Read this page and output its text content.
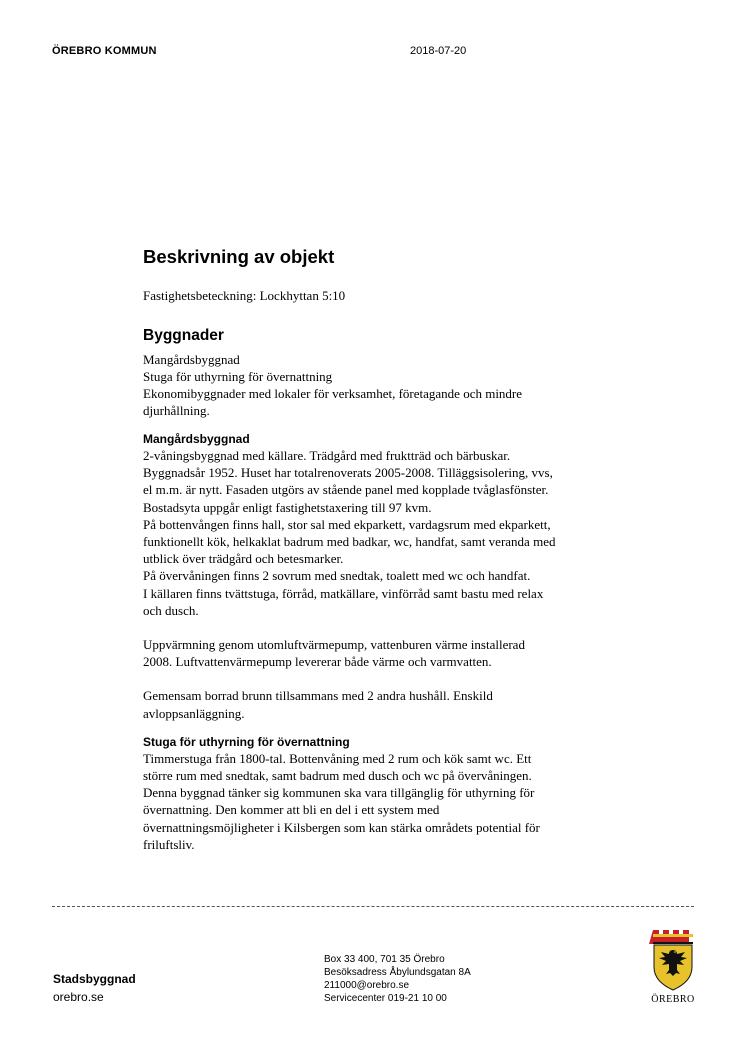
ÖREBRO KOMMUN	2018-07-20
Beskrivning av objekt

Fastighetsbeteckning: Lockhyttan 5:10

Byggnader
Mangårdsbyggnad
Stuga för uthyrning för övernattning
Ekonomibyggnader med lokaler för verksamhet, företagande och mindre
djurhållning.
Mangårdsbyggnad
2-våningsbyggnad med källare. Trädgård med fruktträd och bärbuskar.
Byggnadsår 1952. Huset har totalrenoverats 2005-2008. Tilläggsisolering, vvs,
el m.m. är nytt. Fasaden utgörs av stående panel med kopplade tvåglasfönster.
Bostadsyta uppgår enligt fastighetstaxering till 97 kvm.
På bottenvången finns hall, stor sal med ekparkett, vardagsrum med ekparkett,
funktionellt kök, helkaklat badrum med badkar, wc, handfat, samt veranda med
utblick över trädgård och betesmarker.
På övervåningen finns 2 sovrum med snedtak, toalett med wc och handfat.
I källaren finns tvättstuga, förråd, matkällare, vinförråd samt bastu med relax
och dusch.
Uppvärmning genom utomluftvärmepump, vattenburen värme installerad
2008. Luftvattenvärmepump levererar både värme och varmvatten.
Gemensam borrad brunn tillsammans med 2 andra hushåll. Enskild
avloppsanläggning.
Stuga för uthyrning för övernattning
Timmerstuga från 1800-tal. Bottenvåning med 2 rum och kök samt wc. Ett
större rum med snedtak, samt badrum med dusch och wc på övervåningen.
Denna byggnad tänker sig kommunen ska vara tillgänglig för uthyrning för
övernattning. Den kommer att bli en del i ett system med
övernattningsmöjligheter i Kilsbergen som kan stärka områdets potential för
friluftsliv.
Stadsbyggnad
orebro.se
Box 33 400, 701 35 Örebro
Besöksadress Åbylundsgatan 8A
211000@orebro.se
Servicecenter 019-21 10 00	ÖREBRO
